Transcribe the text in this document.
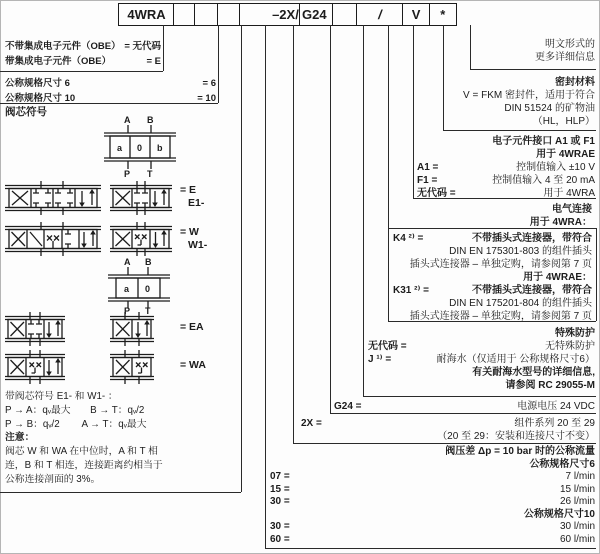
4WRA	–2X/ G24	/	V	*
不带集成电子元件（OBE） = 无代码
带集成电子元件（OBE）	= E
公称规格尺寸 6	= 6
公称规格尺寸 10	= 10
阀芯符号
A B
a 0 b
P T
= E
E1-
= W
W1-
A B
a 0
P T
= EA
= WA
带阀芯符号 E1- 和 W1- ：
P → A：qᵥ最大　　B → T：qᵥ/2
P → B：qᵥ/2　　 A → T：qᵥ最大
注意：
阀芯 W 和 WA 在中位时，A 和 T 相
连，B 和 T 相连，连接距离约相当于
公称连接剖面的 3%。
明文形式的
更多详细信息
密封材料
V = FKM 密封件，适用于符合
DIN 51524 的矿物油
（HL，HLP）
电子元件接口 A1 或 F1
用于 4WRAE
A1 =	控制值输入 ±10 V
F1 =	控制值输入 4 至 20 mA
无代码 =	用于 4WRA
电气连接
用于 4WRA：
K4 ²⁾ =	不带插头式连接器，带符合
DIN EN 175301-803 的组件插头
插头式连接器 – 单独定购，请参阅第 7 页
用于 4WRAE：
K31 ²⁾ =	不带插头式连接器，带符合
DIN EN 175201-804 的组件插头
插头式连接器 – 单独定购，请参阅第 7 页
特殊防护
无代码 =	无特殊防护
J ¹⁾ =	耐海水（仅适用于 公称规格尺寸6）
有关耐海水型号的详细信息,
请参阅 RC 29055-M
G24 =	电源电压 24 VDC
2X =	组件系列 20 至 29
（20 至 29：安装和连接尺寸不变）
阀压差 Δp = 10 bar 时的公称流量
公称规格尺寸6
07 =	7 l/min
15 =	15 l/min
30 =	26 l/min
公称规格尺寸10
30 =	30 l/min
60 =	60 l/min
